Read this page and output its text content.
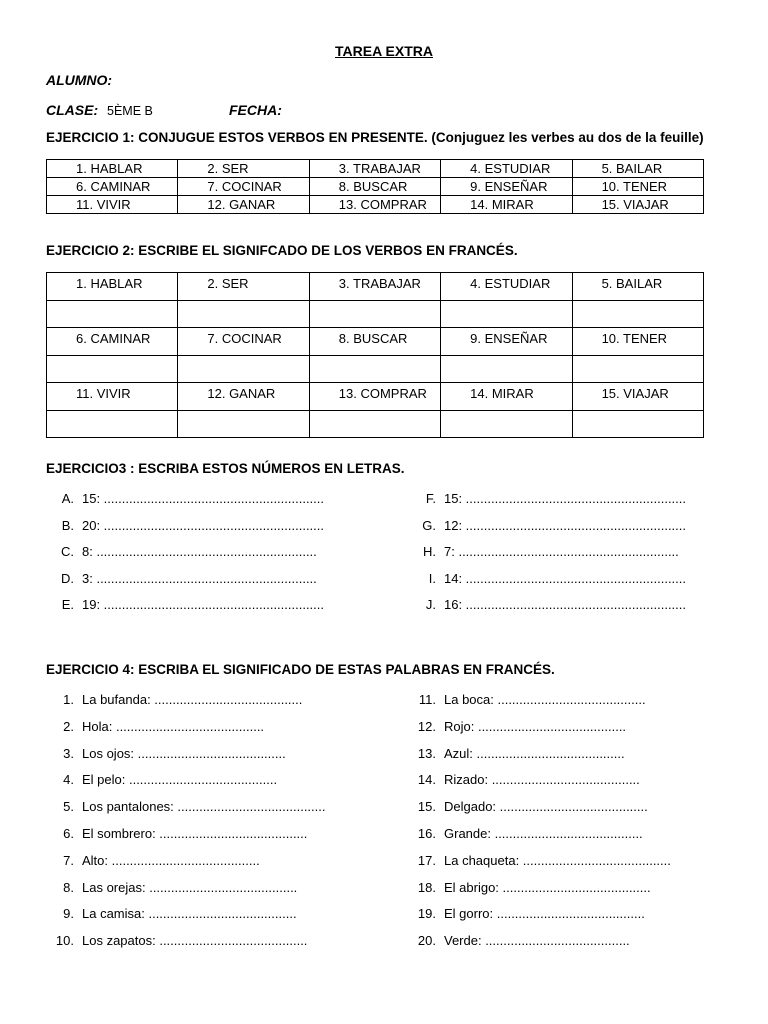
TAREA EXTRA
ALUMNO:
CLASE: 5ÈME B	FECHA:
EJERCICIO 1: CONJUGUE ESTOS VERBOS EN PRESENTE. (Conjuguez les verbes au dos de la feuille)
1. HABLAR	2. SER	3. TRABAJAR	4. ESTUDIAR	5. BAILAR
6. CAMINAR	7. COCINAR	8. BUSCAR	9. ENSEÑAR	10. TENER
11. VIVIR	12. GANAR	13. COMPRAR	14. MIRAR	15. VIAJAR
EJERCICIO 2: ESCRIBE EL SIGNIFCADO DE LOS VERBOS EN FRANCÉS.
1. HABLAR	2. SER	3. TRABAJAR	4. ESTUDIAR	5. BAILAR

6. CAMINAR	7. COCINAR	8. BUSCAR	9. ENSEÑAR	10. TENER

11. VIVIR	12. GANAR	13. COMPRAR	14. MIRAR	15. VIAJAR

EJERCICIO3 : ESCRIBA ESTOS NÚMEROS EN LETRAS.
A. 15: .............................................................
B. 20: .............................................................
C. 8: .............................................................
D. 3: .............................................................
E. 19: .............................................................
F. 15: .............................................................
G. 12: .............................................................
H. 7: .............................................................
I. 14: .............................................................
J. 16: .............................................................
EJERCICIO 4: ESCRIBA EL SIGNIFICADO DE ESTAS PALABRAS EN FRANCÉS.
1. La bufanda: .........................................
2. Hola: .........................................
3. Los ojos: .........................................
4. El pelo: .........................................
5. Los pantalones: .........................................
6. El sombrero: .........................................
7. Alto: .........................................
8. Las orejas: .........................................
9. La camisa: .........................................
10. Los zapatos: .........................................
11. La boca: .........................................
12. Rojo: .........................................
13. Azul: .........................................
14. Rizado: .........................................
15. Delgado: .........................................
16. Grande: .........................................
17. La chaqueta: .........................................
18. El abrigo: .........................................
19. El gorro: .........................................
20. Verde: ........................................
